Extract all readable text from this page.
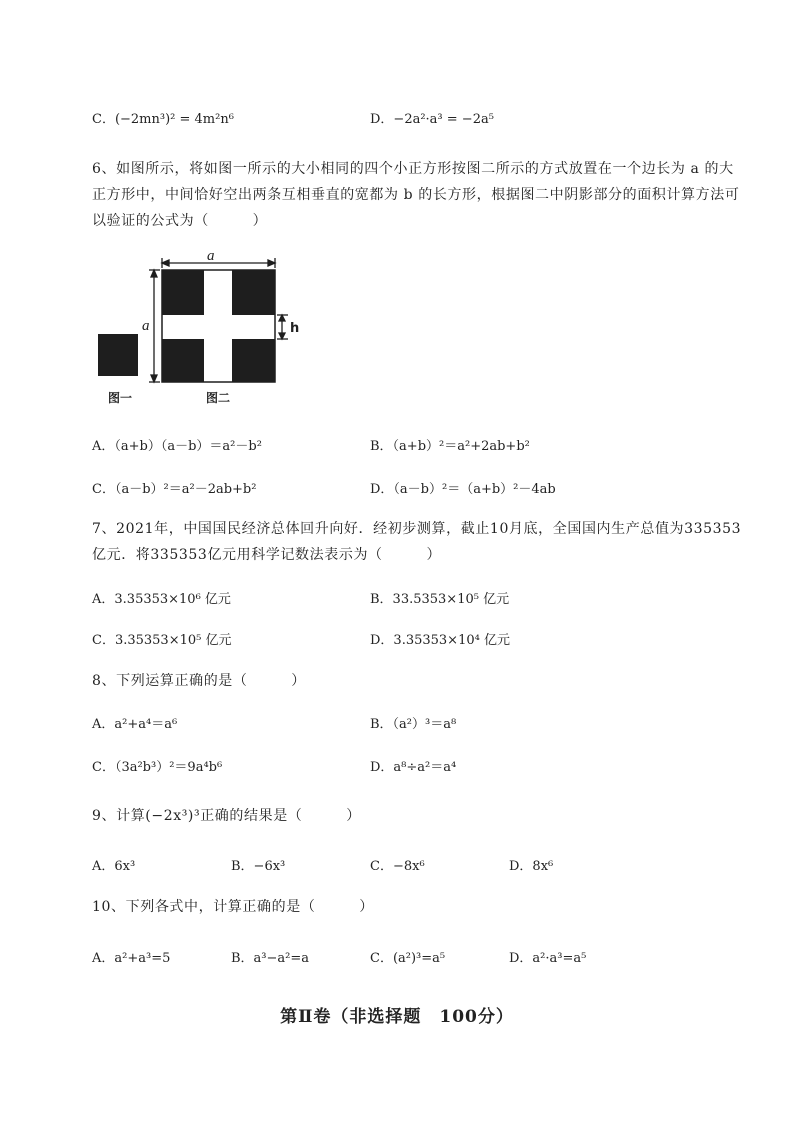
C．(−2mn³)² = 4m²n⁶	D．−2a²·a³ = −2a⁵
6、如图所示，将如图一所示的大小相同的四个小正方形按图二所示的方式放置在一个边长为 a 的大
正方形中，中间恰好空出两条互相垂直的宽都为 b 的长方形，根据图二中阴影部分的面积计算方法可
以验证的公式为（　　　）
a
a	h
图一	图二
A．（a+b）（a－b）＝a²－b²	B．（a+b）²＝a²+2ab+b²
C．（a－b）²＝a²－2ab+b²	D．（a－b）²＝（a+b）²－4ab
7、2021年，中国国民经济总体回升向好．经初步测算，截止10月底，全国国内生产总值为335353
亿元．将335353亿元用科学记数法表示为（　　　）
A．3.35353×10⁶ 亿元	B．33.5353×10⁵ 亿元
C．3.35353×10⁵ 亿元	D．3.35353×10⁴ 亿元
8、下列运算正确的是（　　　）
A．a²+a⁴＝a⁶	B．（a²）³＝a⁸
C．（3a²b³）²＝9a⁴b⁶	D．a⁸÷a²＝a⁴
9、计算(−2x³)³正确的结果是（　　　）
A．6x³	B．−6x³	C．−8x⁶	D．8x⁶
10、下列各式中，计算正确的是（　　　）
A．a²+a³=5	B．a³−a²=a	C．(a²)³=a⁵	D．a²·a³=a⁵
第Ⅱ卷（非选择题　100分）
